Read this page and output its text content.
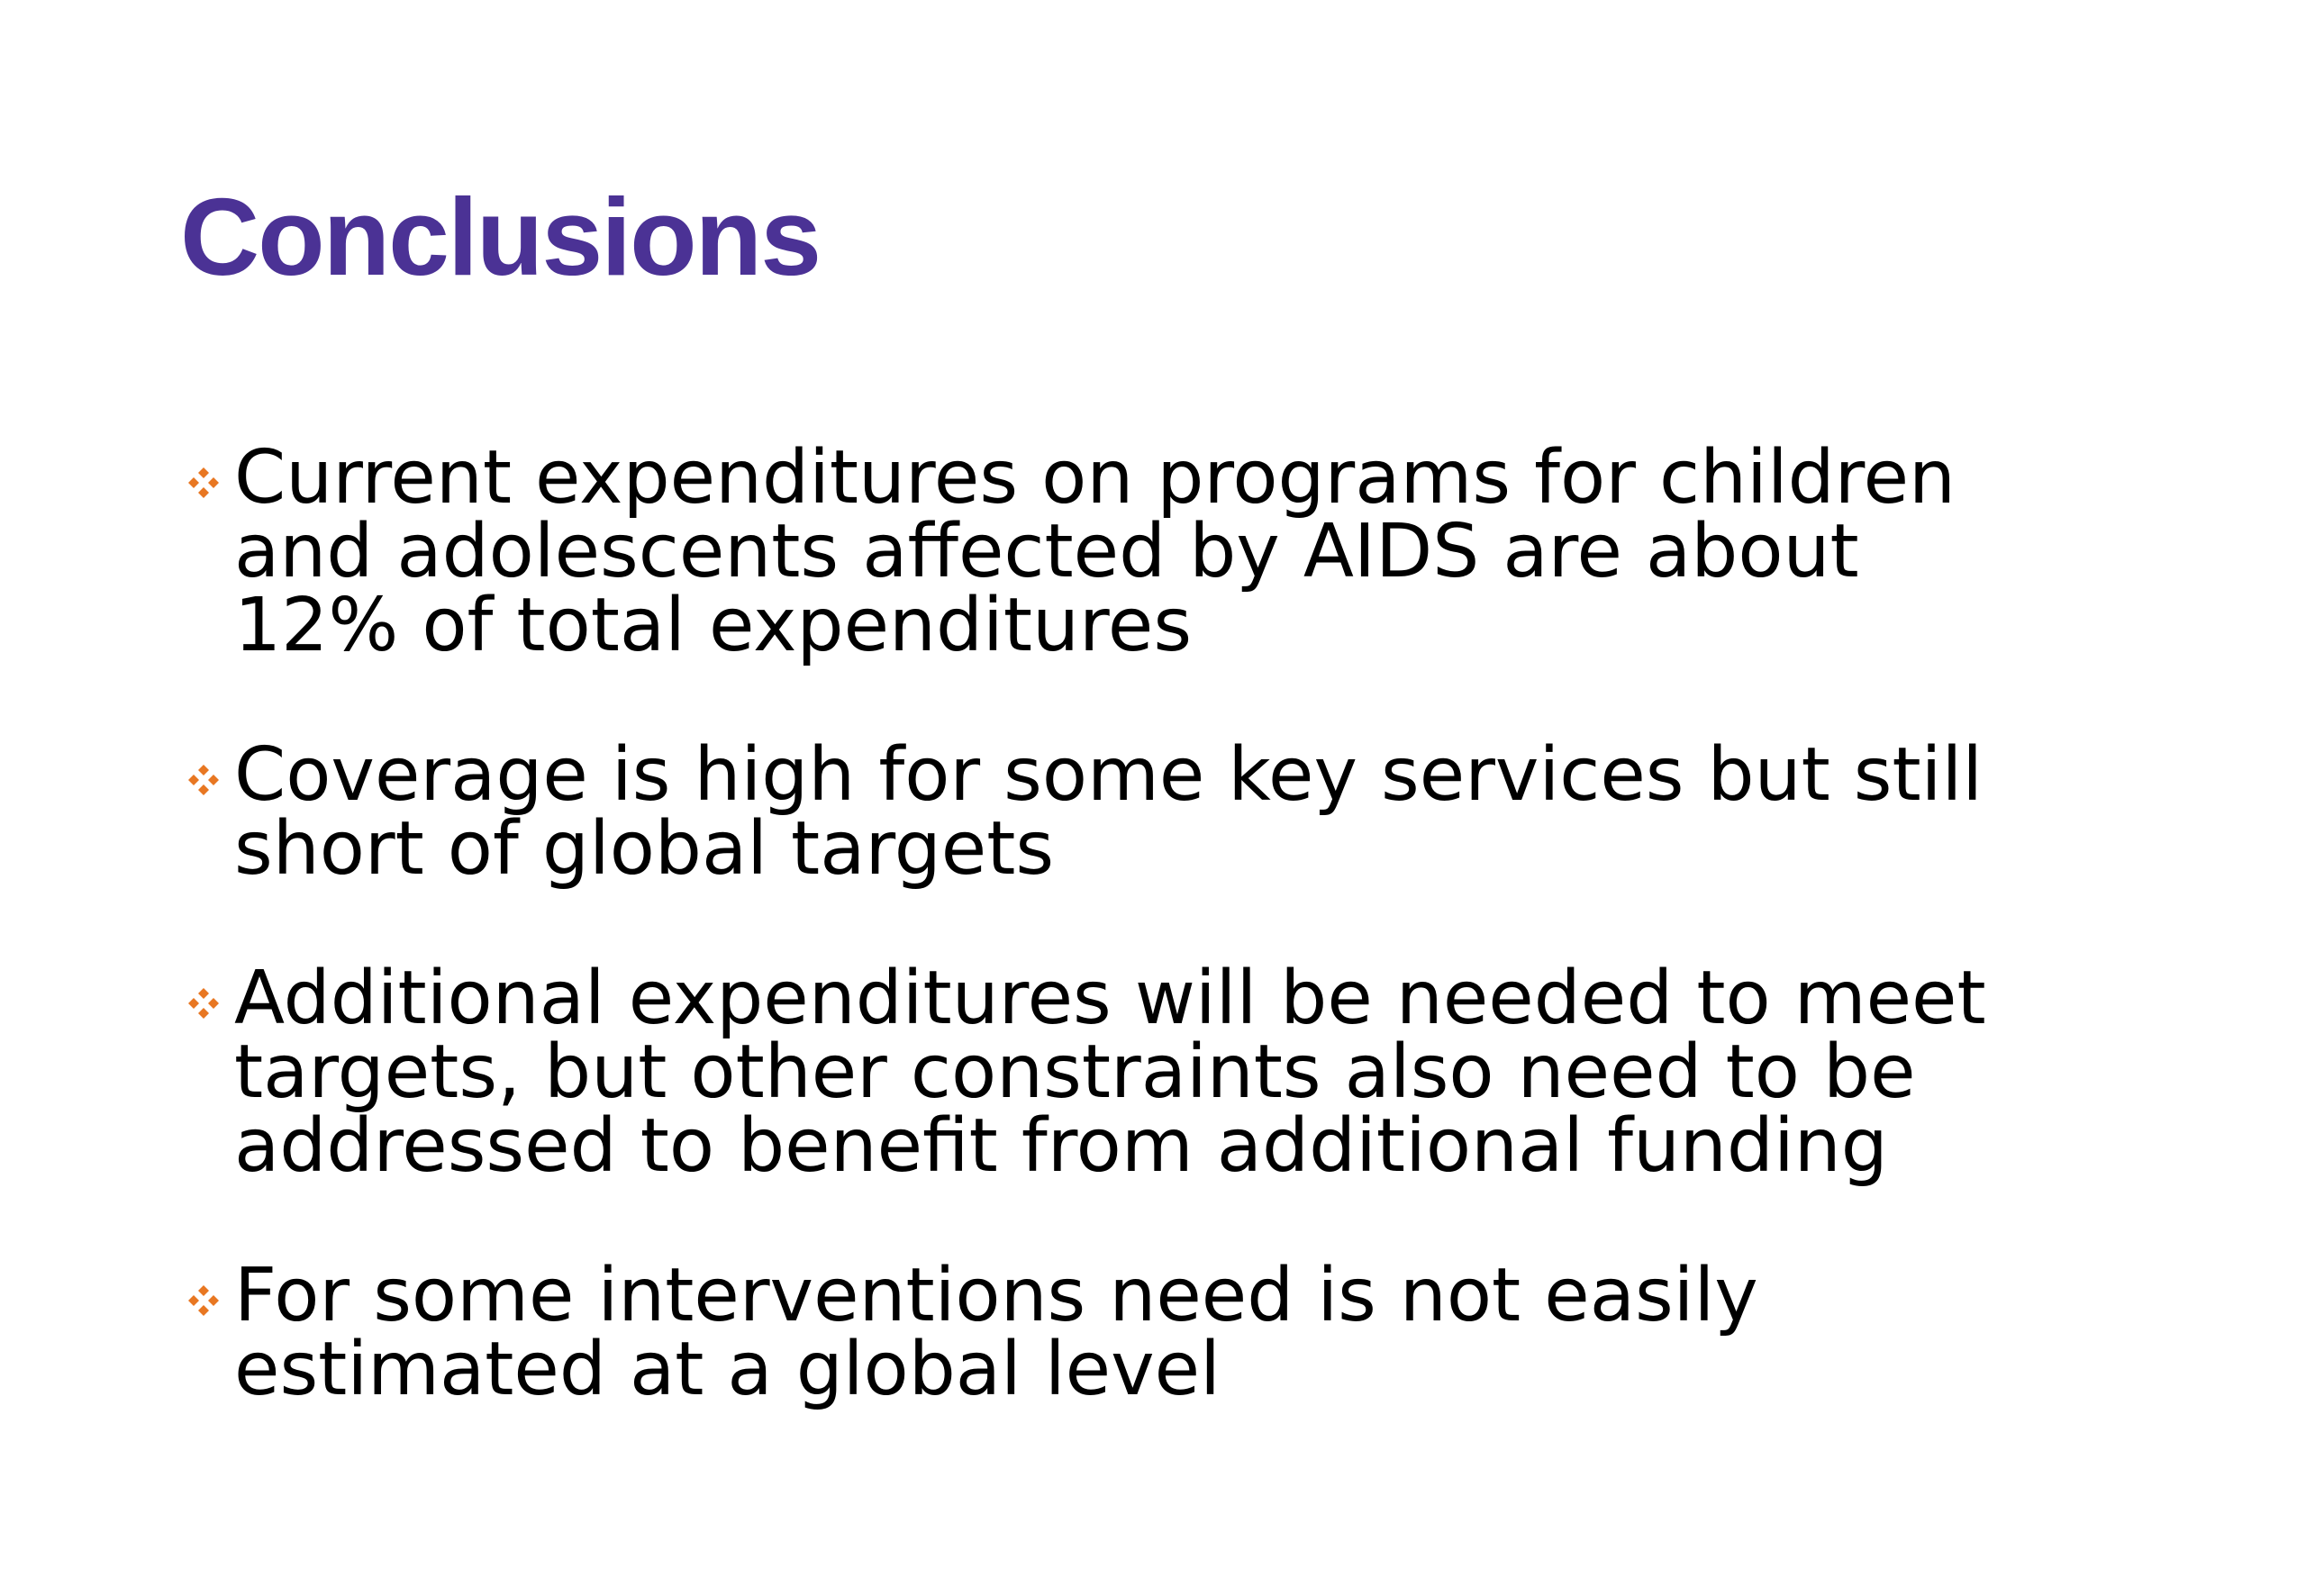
Conclusions
Current expenditures on programs for children
and adolescents affected by AIDS are about
12% of total expenditures
Coverage is high for some key services but still
short of global targets
Additional expenditures will be needed to meet
targets, but other constraints also need to be
addressed to benefit from additional funding
For some interventions need is not easily
estimated at a global level
